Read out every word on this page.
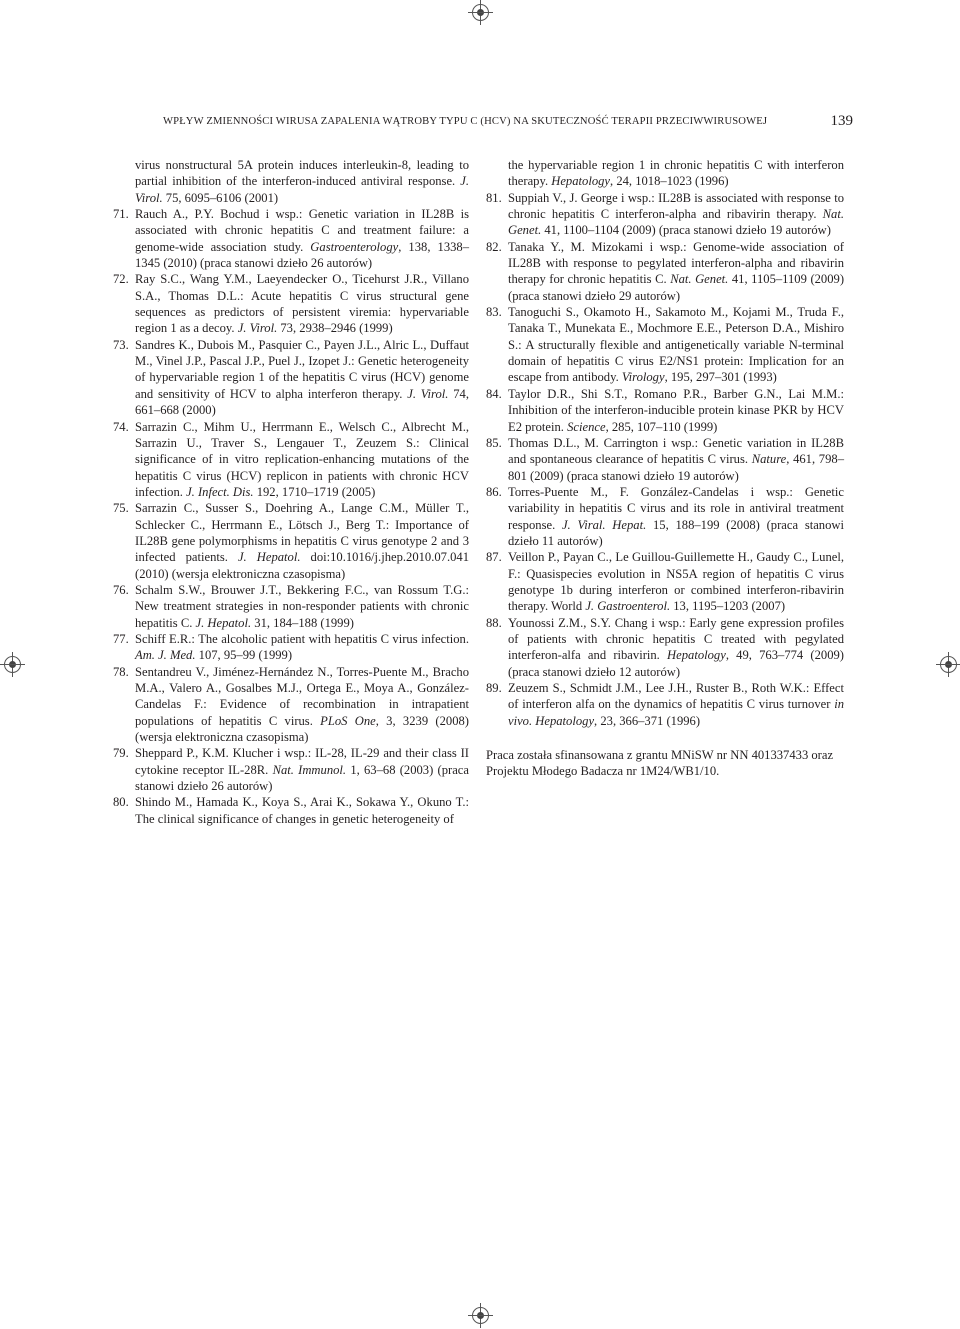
WPŁYW ZMIENNOŚCI WIRUSA ZAPALENIA WĄTROBY TYPU C (HCV) NA SKUTECZNOŚĆ TERAPII PRZECIWWIRUSOWEJ	139

virus nonstructural 5A protein induces interleukin-8, leading to partial inhibition of the interferon-induced antiviral response. J. Virol. 75, 6095–6106 (2001)

71. Rauch A., P.Y. Bochud i wsp.: Genetic variation in IL28B is associated with chronic hepatitis C and treatment failure: a genome-wide association study. Gastroenterology, 138, 1338–1345 (2010) (praca stanowi dzieło 26 autorów)

72. Ray S.C., Wang Y.M., Laeyendecker O., Ticehurst J.R., Villano S.A., Thomas D.L.: Acute hepatitis C virus structural gene sequences as predictors of persistent viremia: hypervariable region 1 as a decoy. J. Virol. 73, 2938–2946 (1999)

73. Sandres K., Dubois M., Pasquier C., Payen J.L., Alric L., Duffaut M., Vinel J.P., Pascal J.P., Puel J., Izopet J.: Genetic heterogeneity of hypervariable region 1 of the hepatitis C virus (HCV) genome and sensitivity of HCV to alpha interferon therapy. J. Virol. 74, 661–668 (2000)

74. Sarrazin C., Mihm U., Herrmann E., Welsch C., Albrecht M., Sarrazin U., Traver S., Lengauer T., Zeuzem S.: Clinical significance of in vitro replication-enhancing mutations of the hepatitis C virus (HCV) replicon in patients with chronic HCV infection. J. Infect. Dis. 192, 1710–1719 (2005)

75. Sarrazin C., Susser S., Doehring A., Lange C.M., Müller T., Schlecker C., Herrmann E., Lötsch J., Berg T.: Importance of IL28B gene polymorphisms in hepatitis C virus genotype 2 and 3 infected patients. J. Hepatol. doi:10.1016/j.jhep.2010.07.041 (2010) (wersja elektroniczna czasopisma)

76. Schalm S.W., Brouwer J.T., Bekkering F.C., van Rossum T.G.: New treatment strategies in non-responder patients with chronic hepatitis C. J. Hepatol. 31, 184–188 (1999)

77. Schiff E.R.: The alcoholic patient with hepatitis C virus infection. Am. J. Med. 107, 95–99 (1999)

78. Sentandreu V., Jiménez-Hernández N., Torres-Puente M., Bracho M.A., Valero A., Gosalbes M.J., Ortega E., Moya A., González-Candelas F.: Evidence of recombination in intrapatient populations of hepatitis C virus. PLoS One, 3, 3239 (2008) (wersja elektroniczna czasopisma)

79. Sheppard P., K.M. Klucher i wsp.: IL-28, IL-29 and their class II cytokine receptor IL-28R. Nat. Immunol. 1, 63–68 (2003) (praca stanowi dzieło 26 autorów)

80. Shindo M., Hamada K., Koya S., Arai K., Sokawa Y., Okuno T.: The clinical significance of changes in genetic heterogeneity of

the hypervariable region 1 in chronic hepatitis C with interferon therapy. Hepatology, 24, 1018–1023 (1996)

81. Suppiah V., J. George i wsp.: IL28B is associated with response to chronic hepatitis C interferon-alpha and ribavirin therapy. Nat. Genet. 41, 1100–1104 (2009) (praca stanowi dzieło 19 autorów)

82. Tanaka Y., M. Mizokami i wsp.: Genome-wide association of IL28B with response to pegylated interferon-alpha and ribavirin therapy for chronic hepatitis C. Nat. Genet. 41, 1105–1109 (2009) (praca stanowi dzieło 29 autorów)

83. Tanoguchi S., Okamoto H., Sakamoto M., Kojami M., Truda F., Tanaka T., Munekata E., Mochmore E.E., Peterson D.A., Mishiro S.: A structurally flexible and antigenetically variable N-terminal domain of hepatitis C virus E2/NS1 protein: Implication for an escape from antibody. Virology, 195, 297–301 (1993)

84. Taylor D.R., Shi S.T., Romano P.R., Barber G.N., Lai M.M.: Inhibition of the interferon-inducible protein kinase PKR by HCV E2 protein. Science, 285, 107–110 (1999)

85. Thomas D.L., M. Carrington i wsp.: Genetic variation in IL28B and spontaneous clearance of hepatitis C virus. Nature, 461, 798–801 (2009) (praca stanowi dzieło 19 autorów)

86. Torres-Puente M., F. González-Candelas i wsp.: Genetic variability in hepatitis C virus and its role in antiviral treatment response. J. Viral. Hepat. 15, 188–199 (2008) (praca stanowi dzieło 11 autorów)

87. Veillon P., Payan C., Le Guillou-Guillemette H., Gaudy C., Lunel, F.: Quasispecies evolution in NS5A region of hepatitis C virus genotype 1b during interferon or combined interferon-ribavirin therapy. World J. Gastroenterol. 13, 1195–1203 (2007)

88. Younossi Z.M., S.Y. Chang i wsp.: Early gene expression profiles of patients with chronic hepatitis C treated with pegylated interferon-alfa and ribavirin. Hepatology, 49, 763–774 (2009) (praca stanowi dzieło 12 autorów)

89. Zeuzem S., Schmidt J.M., Lee J.H., Ruster B., Roth W.K.: Effect of interferon alfa on the dynamics of hepatitis C virus turnover in vivo. Hepatology, 23, 366–371 (1996)

Praca została sfinansowana z grantu MNiSW nr NN 401337433 oraz Projektu Młodego Badacza nr 1M24/WB1/10.
